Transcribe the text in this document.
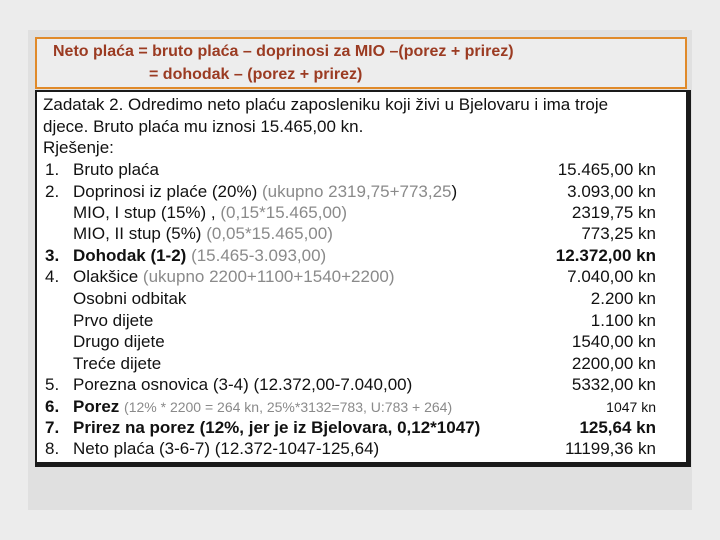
Neto plaća = bruto plaća – doprinosi za MIO –(porez + prirez)
= dohodak – (porez + prirez)
Zadatak 2. Odredimo neto plaću zaposleniku koji živi u Bjelovaru i ima troje
djece. Bruto plaća mu iznosi 15.465,00 kn.
Rješenje:
1. Bruto plaća	15.465,00 kn
2. Doprinosi iz plaće (20%) (ukupno 2319,75+773,25)	3.093,00 kn
MIO, I stup (15%) , (0,15*15.465,00)	2319,75 kn
MIO, II stup (5%) (0,05*15.465,00)	773,25 kn
3. Dohodak (1-2) (15.465-3.093,00)	12.372,00 kn
4. Olakšice (ukupno 2200+1100+1540+2200)	7.040,00 kn
Osobni odbitak	2.200 kn
Prvo dijete	1.100 kn
Drugo dijete	1540,00 kn
Treće dijete	2200,00 kn
5. Porezna osnovica (3-4) (12.372,00-7.040,00)	5332,00 kn
6. Porez (12% * 2200 = 264 kn, 25%*3132=783, U:783 + 264)	1047 kn
7. Prirez na porez (12%, jer je iz Bjelovara, 0,12*1047)	125,64 kn
8. Neto plaća (3-6-7) (12.372-1047-125,64)	11199,36 kn
